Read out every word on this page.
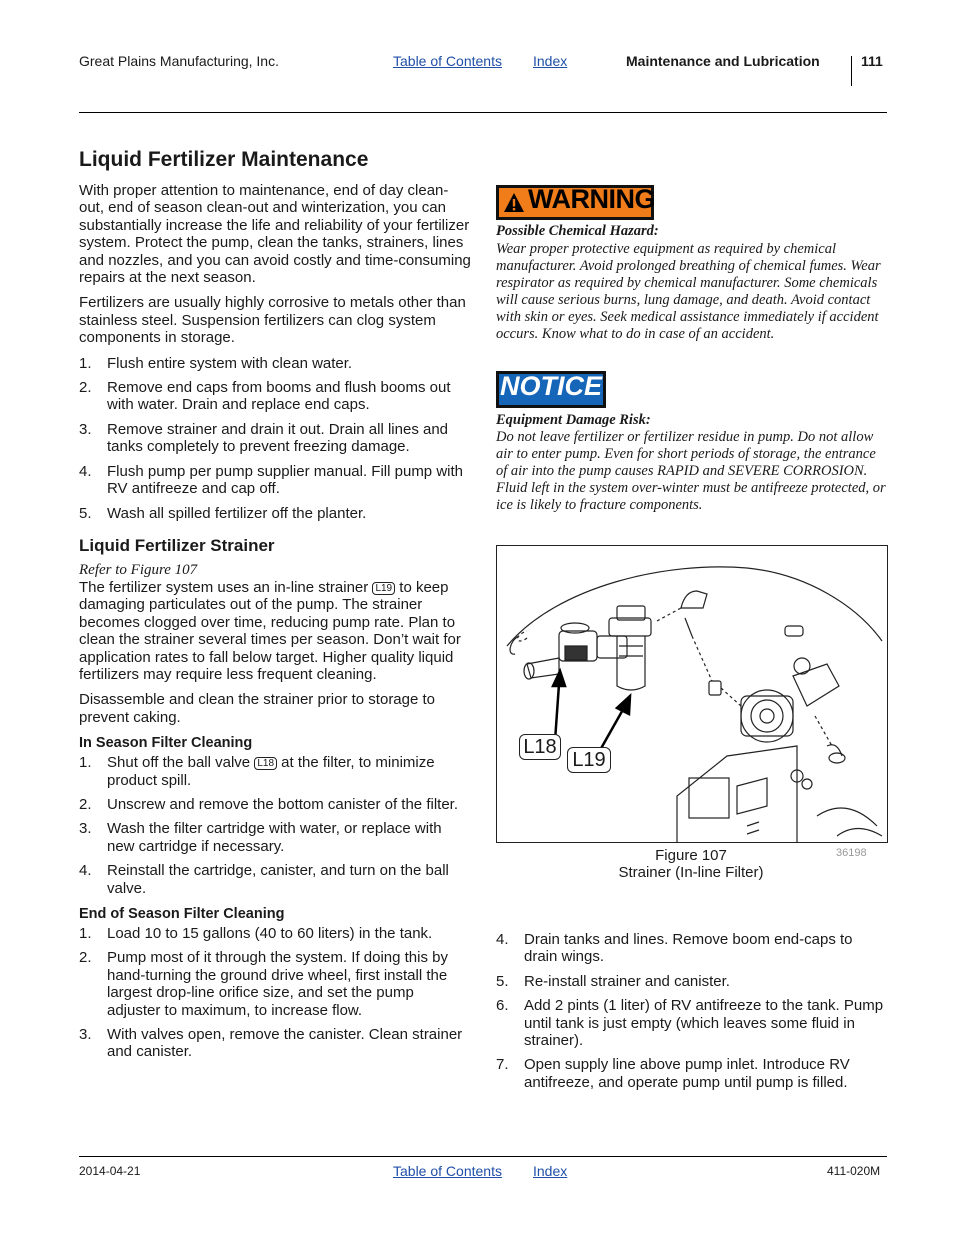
Great Plains Manufacturing, Inc.	Table of Contents Index	Maintenance and Lubrication	111
Liquid Fertilizer Maintenance

With proper attention to maintenance, end of day clean-out, end of season clean-out and winterization, you can substantially increase the life and reliability of your fertilizer system. Protect the pump, clean the tanks, strainers, lines and nozzles, and you can avoid costly and time-consuming repairs at the next season.

Fertilizers are usually highly corrosive to metals other than stainless steel. Suspension fertilizers can clog system components in storage.

1. Flush entire system with clean water.
2. Remove end caps from booms and flush booms out with water. Drain and replace end caps.
3. Remove strainer and drain it out. Drain all lines and tanks completely to prevent freezing damage.
4. Flush pump per pump supplier manual. Fill pump with RV antifreeze and cap off.
5. Wash all spilled fertilizer off the planter.
Liquid Fertilizer Strainer
Refer to Figure 107

The fertilizer system uses an in-line strainer L19 to keep damaging particulates out of the pump. The strainer becomes clogged over time, reducing pump rate. Plan to clean the strainer several times per season. Don’t wait for application rates to fall below target. Higher quality liquid fertilizers may require less frequent cleaning.

Disassemble and clean the strainer prior to storage to prevent caking.

In Season Filter Cleaning
1. Shut off the ball valve L18 at the filter, to minimize product spill.
2. Unscrew and remove the bottom canister of the filter.
3. Wash the filter cartridge with water, or replace with new cartridge if necessary.
4. Reinstall the cartridge, canister, and turn on the ball valve.
End of Season Filter Cleaning
1. Load 10 to 15 gallons (40 to 60 liters) in the tank.
2. Pump most of it through the system. If doing this by hand-turning the ground drive wheel, first install the largest drop-line orifice size, and set the pump adjuster to maximum, to increase flow.
3. With valves open, remove the canister. Clean strainer and canister.
WARNING
Possible Chemical Hazard:
Wear proper protective equipment as required by chemical manufacturer. Avoid prolonged breathing of chemical fumes. Wear respirator as required by chemical manufacturer. Some chemicals will cause serious burns, lung damage, and death. Avoid contact with skin or eyes. Seek medical assistance immediately if accident occurs. Know what to do in case of an accident.
NOTICE
Equipment Damage Risk:
Do not leave fertilizer or fertilizer residue in pump. Do not allow air to enter pump. Even for short periods of storage, the entrance of air into the pump causes RAPID and SEVERE CORROSION. Fluid left in the system over-winter must be antifreeze protected, or ice is likely to fracture components.
L18
L19
Figure 107
Strainer (In-line Filter)
36198
4. Drain tanks and lines. Remove boom end-caps to drain wings.
5. Re-install strainer and canister.
6. Add 2 pints (1 liter) of RV antifreeze to the tank. Pump until tank is just empty (which leaves some fluid in strainer).
7. Open supply line above pump inlet. Introduce RV antifreeze, and operate pump until pump is filled.
2014-04-21	Table of Contents Index	411-020M
